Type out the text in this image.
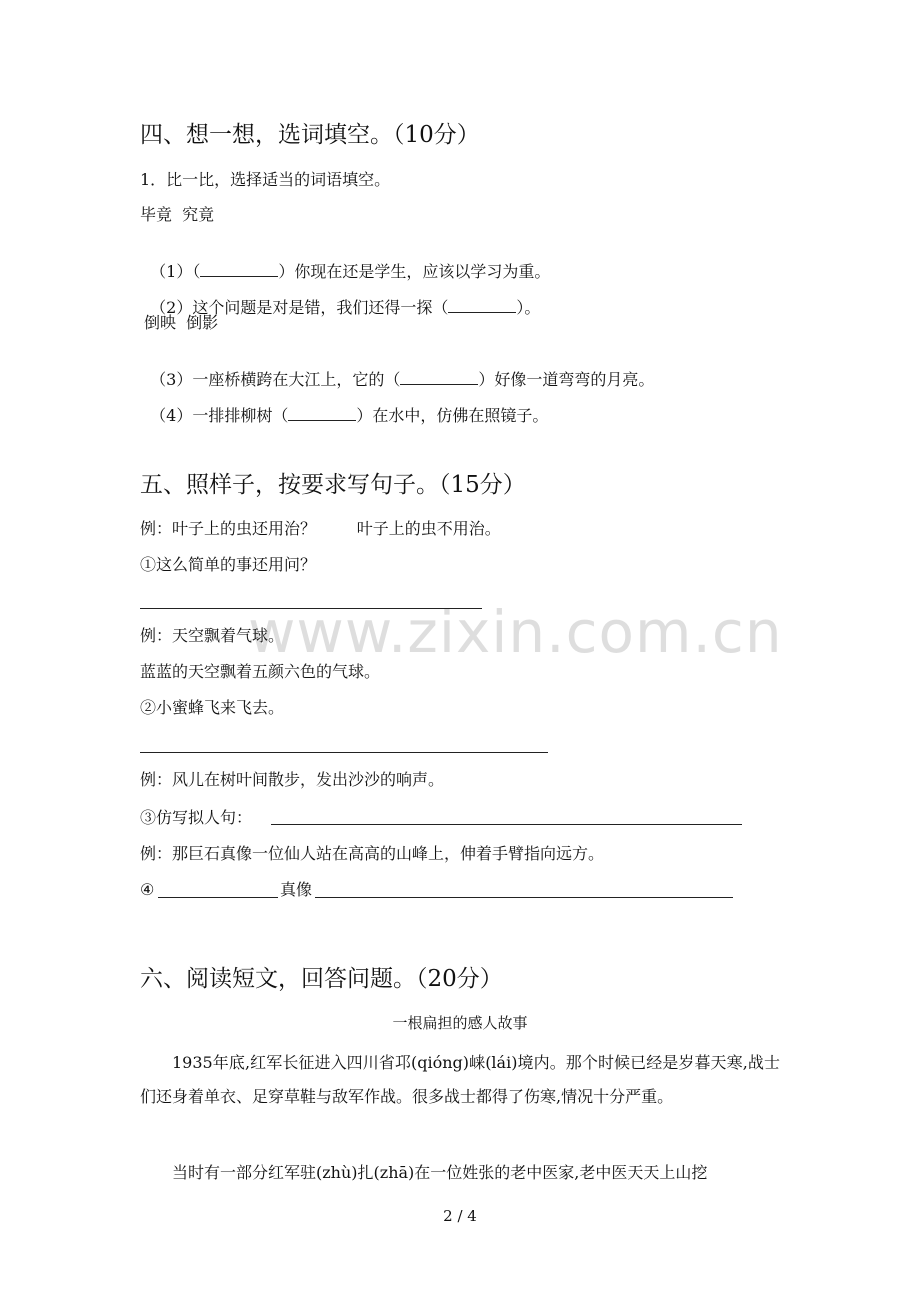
www.zixin.com.cn
四、想一想，选词填空。（10分）
1．比一比，选择适当的词语填空。
毕竟  究竟

（1）（	）你现在还是学生，应该以学习为重。

（2）这个问题是对是错，我们还得一探（	）。

倒映  倒影

（3）一座桥横跨在大江上，它的（	）好像一道弯弯的月亮。

（4）一排排柳树（	）在水中，仿佛在照镜子。

五、照样子，按要求写句子。（15分）
例：叶子上的虫还用治？        叶子上的虫不用治。
①这么简单的事还用问？
例：天空飘着气球。
蓝蓝的天空飘着五颜六色的气球。
②小蜜蜂飞来飞去。
例：风儿在树叶间散步，发出沙沙的响声。
③仿写拟人句：
例：那巨石真像一位仙人站在高高的山峰上，伸着手臂指向远方。
④	真像
六、阅读短文，回答问题。（20分）
一根扁担的感人故事
1935年底,红军长征进入四川省邛(qióng)崃(lái)境内。那个时候已经是岁暮天寒,战士们还身着单衣、足穿草鞋与敌军作战。很多战士都得了伤寒,情况十分严重。
当时有一部分红军驻(zhù)扎(zhā)在一位姓张的老中医家,老中医天天上山挖
2 / 4
